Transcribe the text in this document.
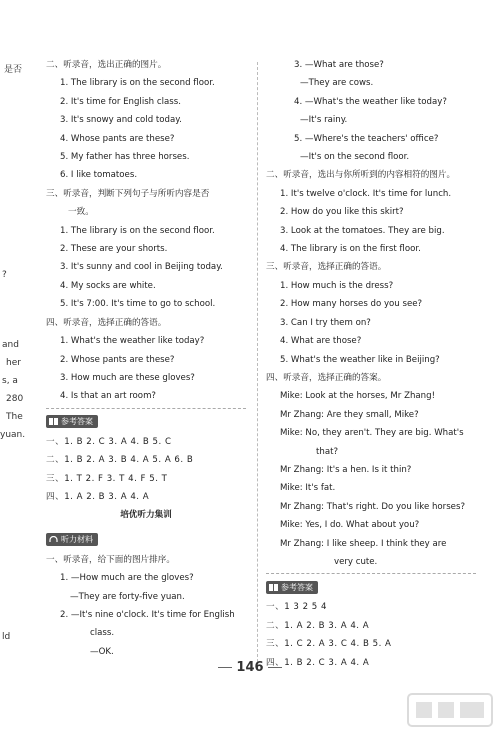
是否
?
and
her
s, a
280
The
yuan.
ld
二、听录音，选出正确的图片。
1. The library is on the second floor.
2. It's time for English class.
3. It's snowy and cold today.
4. Whose pants are these?
5. My father has three horses.
6. I like tomatoes.
三、听录音，判断下列句子与所听内容是否
一致。
1. The library is on the second floor.
2. These are your shorts.
3. It's sunny and cool in Beijing today.
4. My socks are white.
5. It's 7:00. It's time to go to school.
四、听录音，选择正确的答语。
1. What's the weather like today?
2. Whose pants are these?
3. How much are these gloves?
4. Is that an art room?
参考答案
一、1. B 2. C 3. A 4. B 5. C
二、1. B 2. A 3. B 4. A 5. A 6. B
三、1. T 2. F 3. T 4. F 5. T
四、1. A 2. B 3. A 4. A
培优听力集训
听力材料
一、听录音，给下面的图片排序。
1. —How much are the gloves?
—They are forty-five yuan.
2. —It's nine o'clock. It's time for English
class.
—OK.
3. —What are those?
—They are cows.
4. —What's the weather like today?
—It's rainy.
5. —Where's the teachers' office?
—It's on the second floor.
二、听录音，选出与你所听到的内容相符的图片。
1. It's twelve o'clock. It's time for lunch.
2. How do you like this skirt?
3. Look at the tomatoes. They are big.
4. The library is on the first floor.
三、听录音，选择正确的答语。
1. How much is the dress?
2. How many horses do you see?
3. Can I try them on?
4. What are those?
5. What's the weather like in Beijing?
四、听录音，选择正确的答案。
Mike: Look at the horses, Mr Zhang!
Mr Zhang: Are they small, Mike?
Mike: No, they aren't. They are big. What's
that?
Mr Zhang: It's a hen. Is it thin?
Mike: It's fat.
Mr Zhang: That's right. Do you like horses?
Mike: Yes, I do. What about you?
Mr Zhang: I like sheep. I think they are
very cute.
参考答案
一、1 3 2 5 4
二、1. A 2. B 3. A 4. A
三、1. C 2. A 3. C 4. B 5. A
四、1. B 2. C 3. A 4. A
146
